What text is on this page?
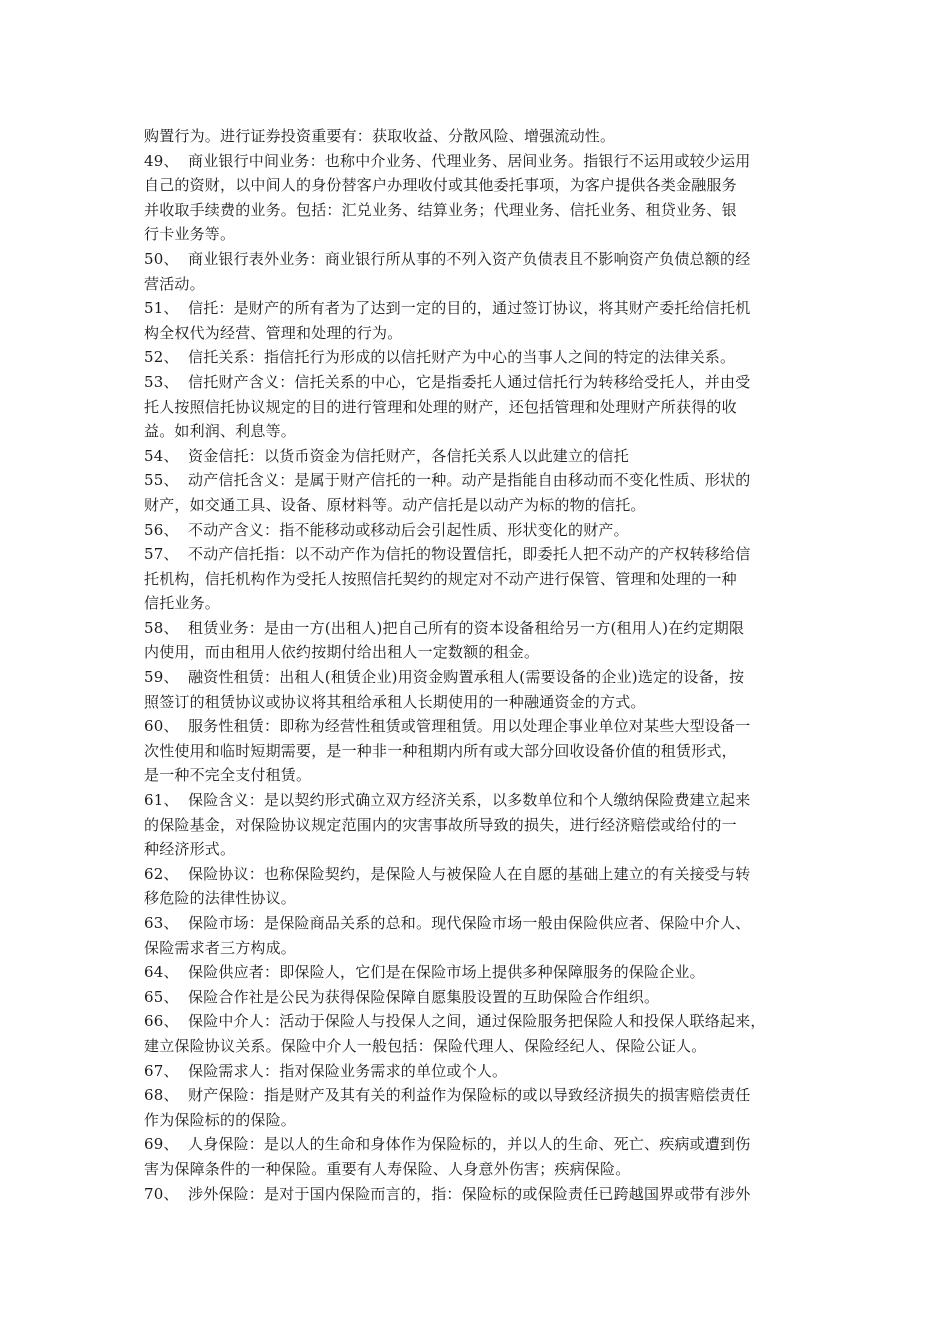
购置行为。进行证券投资重要有：获取收益、分散风险、增强流动性。
49、 商业银行中间业务：也称中介业务、代理业务、居间业务。指银行不运用或较少运用
自己的资财，以中间人的身份替客户办理收付或其他委托事项，为客户提供各类金融服务
并收取手续费的业务。包括：汇兑业务、结算业务；代理业务、信托业务、租贷业务、银
行卡业务等。
50、 商业银行表外业务：商业银行所从事的不列入资产负债表且不影响资产负债总额的经
营活动。
51、 信托：是财产的所有者为了达到一定的目的，通过签订协议，将其财产委托给信托机
构全权代为经营、管理和处理的行为。
52、 信托关系：指信托行为形成的以信托财产为中心的当事人之间的特定的法律关系。
53、 信托财产含义：信托关系的中心，它是指委托人通过信托行为转移给受托人，并由受
托人按照信托协议规定的目的进行管理和处理的财产，还包括管理和处理财产所获得的收
益。如利润、利息等。
54、 资金信托：以货币资金为信托财产，各信托关系人以此建立的信托
55、 动产信托含义：是属于财产信托的一种。动产是指能自由移动而不变化性质、形状的
财产，如交通工具、设备、原材料等。动产信托是以动产为标的物的信托。
56、 不动产含义：指不能移动或移动后会引起性质、形状变化的财产。
57、 不动产信托指：以不动产作为信托的物设置信托，即委托人把不动产的产权转移给信
托机构，信托机构作为受托人按照信托契约的规定对不动产进行保管、管理和处理的一种
信托业务。
58、 租赁业务：是由一方(出租人)把自己所有的资本设备租给另一方(租用人)在约定期限
内使用，而由租用人依约按期付给出租人一定数额的租金。
59、 融资性租赁：出租人(租赁企业)用资金购置承租人(需要设备的企业)选定的设备，按
照签订的租赁协议或协议将其租给承租人长期使用的一种融通资金的方式。
60、 服务性租赁：即称为经营性租赁或管理租赁。用以处理企事业单位对某些大型设备一
次性使用和临时短期需要，是一种非一种租期内所有或大部分回收设备价值的租赁形式，
是一种不完全支付租赁。
61、 保险含义：是以契约形式确立双方经济关系，以多数单位和个人缴纳保险费建立起来
的保险基金，对保险协议规定范围内的灾害事故所导致的损失，进行经济赔偿或给付的一
种经济形式。
62、 保险协议：也称保险契约，是保险人与被保险人在自愿的基础上建立的有关接受与转
移危险的法律性协议。
63、 保险市场：是保险商品关系的总和。现代保险市场一般由保险供应者、保险中介人、
保险需求者三方构成。
64、 保险供应者：即保险人，它们是在保险市场上提供多种保障服务的保险企业。
65、 保险合作社是公民为获得保险保障自愿集股设置的互助保险合作组织。
66、 保险中介人：活动于保险人与投保人之间，通过保险服务把保险人和投保人联络起来，
建立保险协议关系。保险中介人一般包括：保险代理人、保险经纪人、保险公证人。
67、 保险需求人：指对保险业务需求的单位或个人。
68、 财产保险：指是财产及其有关的利益作为保险标的或以导致经济损失的损害赔偿责任
作为保险标的的保险。
69、 人身保险：是以人的生命和身体作为保险标的，并以人的生命、死亡、疾病或遭到伤
害为保障条件的一种保险。重要有人寿保险、人身意外伤害；疾病保险。
70、 涉外保险：是对于国内保险而言的，指：保险标的或保险责任已跨越国界或带有涉外
